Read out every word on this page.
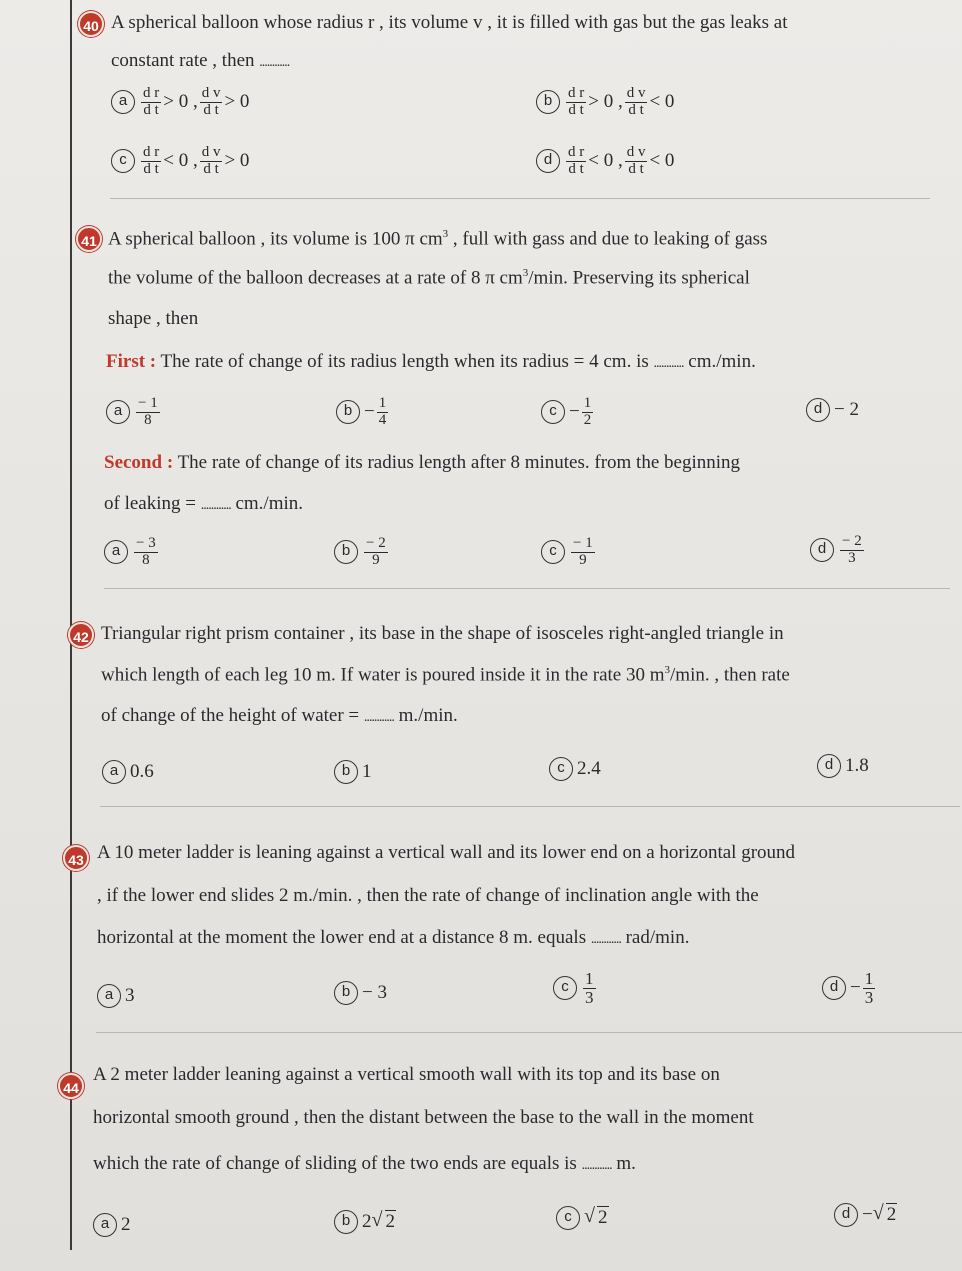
40 A spherical balloon whose radius r , its volume v , it is filled with gas but the gas leaks at
constant rate , then ............
a $\frac{\text{d r}}{\text{d t}} > 0$ , $\frac{\text{d v}}{\text{d t}} > 0$	b $\frac{\text{d r}}{\text{d t}} > 0$ , $\frac{\text{d v}}{\text{d t}} < 0$
c $\frac{\text{d r}}{\text{d t}} < 0$ , $\frac{\text{d v}}{\text{d t}} > 0$	d $\frac{\text{d r}}{\text{d t}} < 0$ , $\frac{\text{d v}}{\text{d t}} < 0$
41 A spherical balloon , its volume is 100 π $cm^3$ , full with gass and due to leaking of gass
the volume of the balloon decreases at a rate of 8 π $cm^3/\min$. Preserving its spherical
shape , then
First : The rate of change of its radius length when its radius = 4 cm. is ............ cm./min.
a $\frac{- 1}{8}$	$b - \frac{1}{4}$	$c - \frac{1}{2}$	d − 2
Second : The rate of change of its radius length after 8 minutes. from the beginning
of leaking = ............ cm./min.
a $\frac{- 3}{8}$	b $\frac{- 2}{9}$	c $\frac{- 1}{9}$	d $\frac{- 2}{3}$
42 Triangular right prism container , its base in the shape of isosceles right-angled triangle in
which length of each leg 10 m. If water is poured inside it in the rate 30 $m^3/\min$. , then rate
of change of the height of water = ............ m./min.
a 0.6	b 1	c 2.4	d 1.8
43 A 10 meter ladder is leaning against a vertical wall and its lower end on a horizontal ground
, if the lower end slides 2 m./min. , then the rate of change of inclination angle with the
horizontal at the moment the lower end at a distance 8 m. equals ............ rad/min.
a 3	b − 3	c $\frac{1}{3}$	$d - \frac{1}{3}$
44
A 2 meter ladder leaning against a vertical smooth wall with its top and its base on
horizontal smooth ground , then the distant between the base to the wall in the moment
which the rate of change of sliding of the two ends are equals is ............ m.
a 2	b 2 √ 2	c √ 2	d − √ 2
